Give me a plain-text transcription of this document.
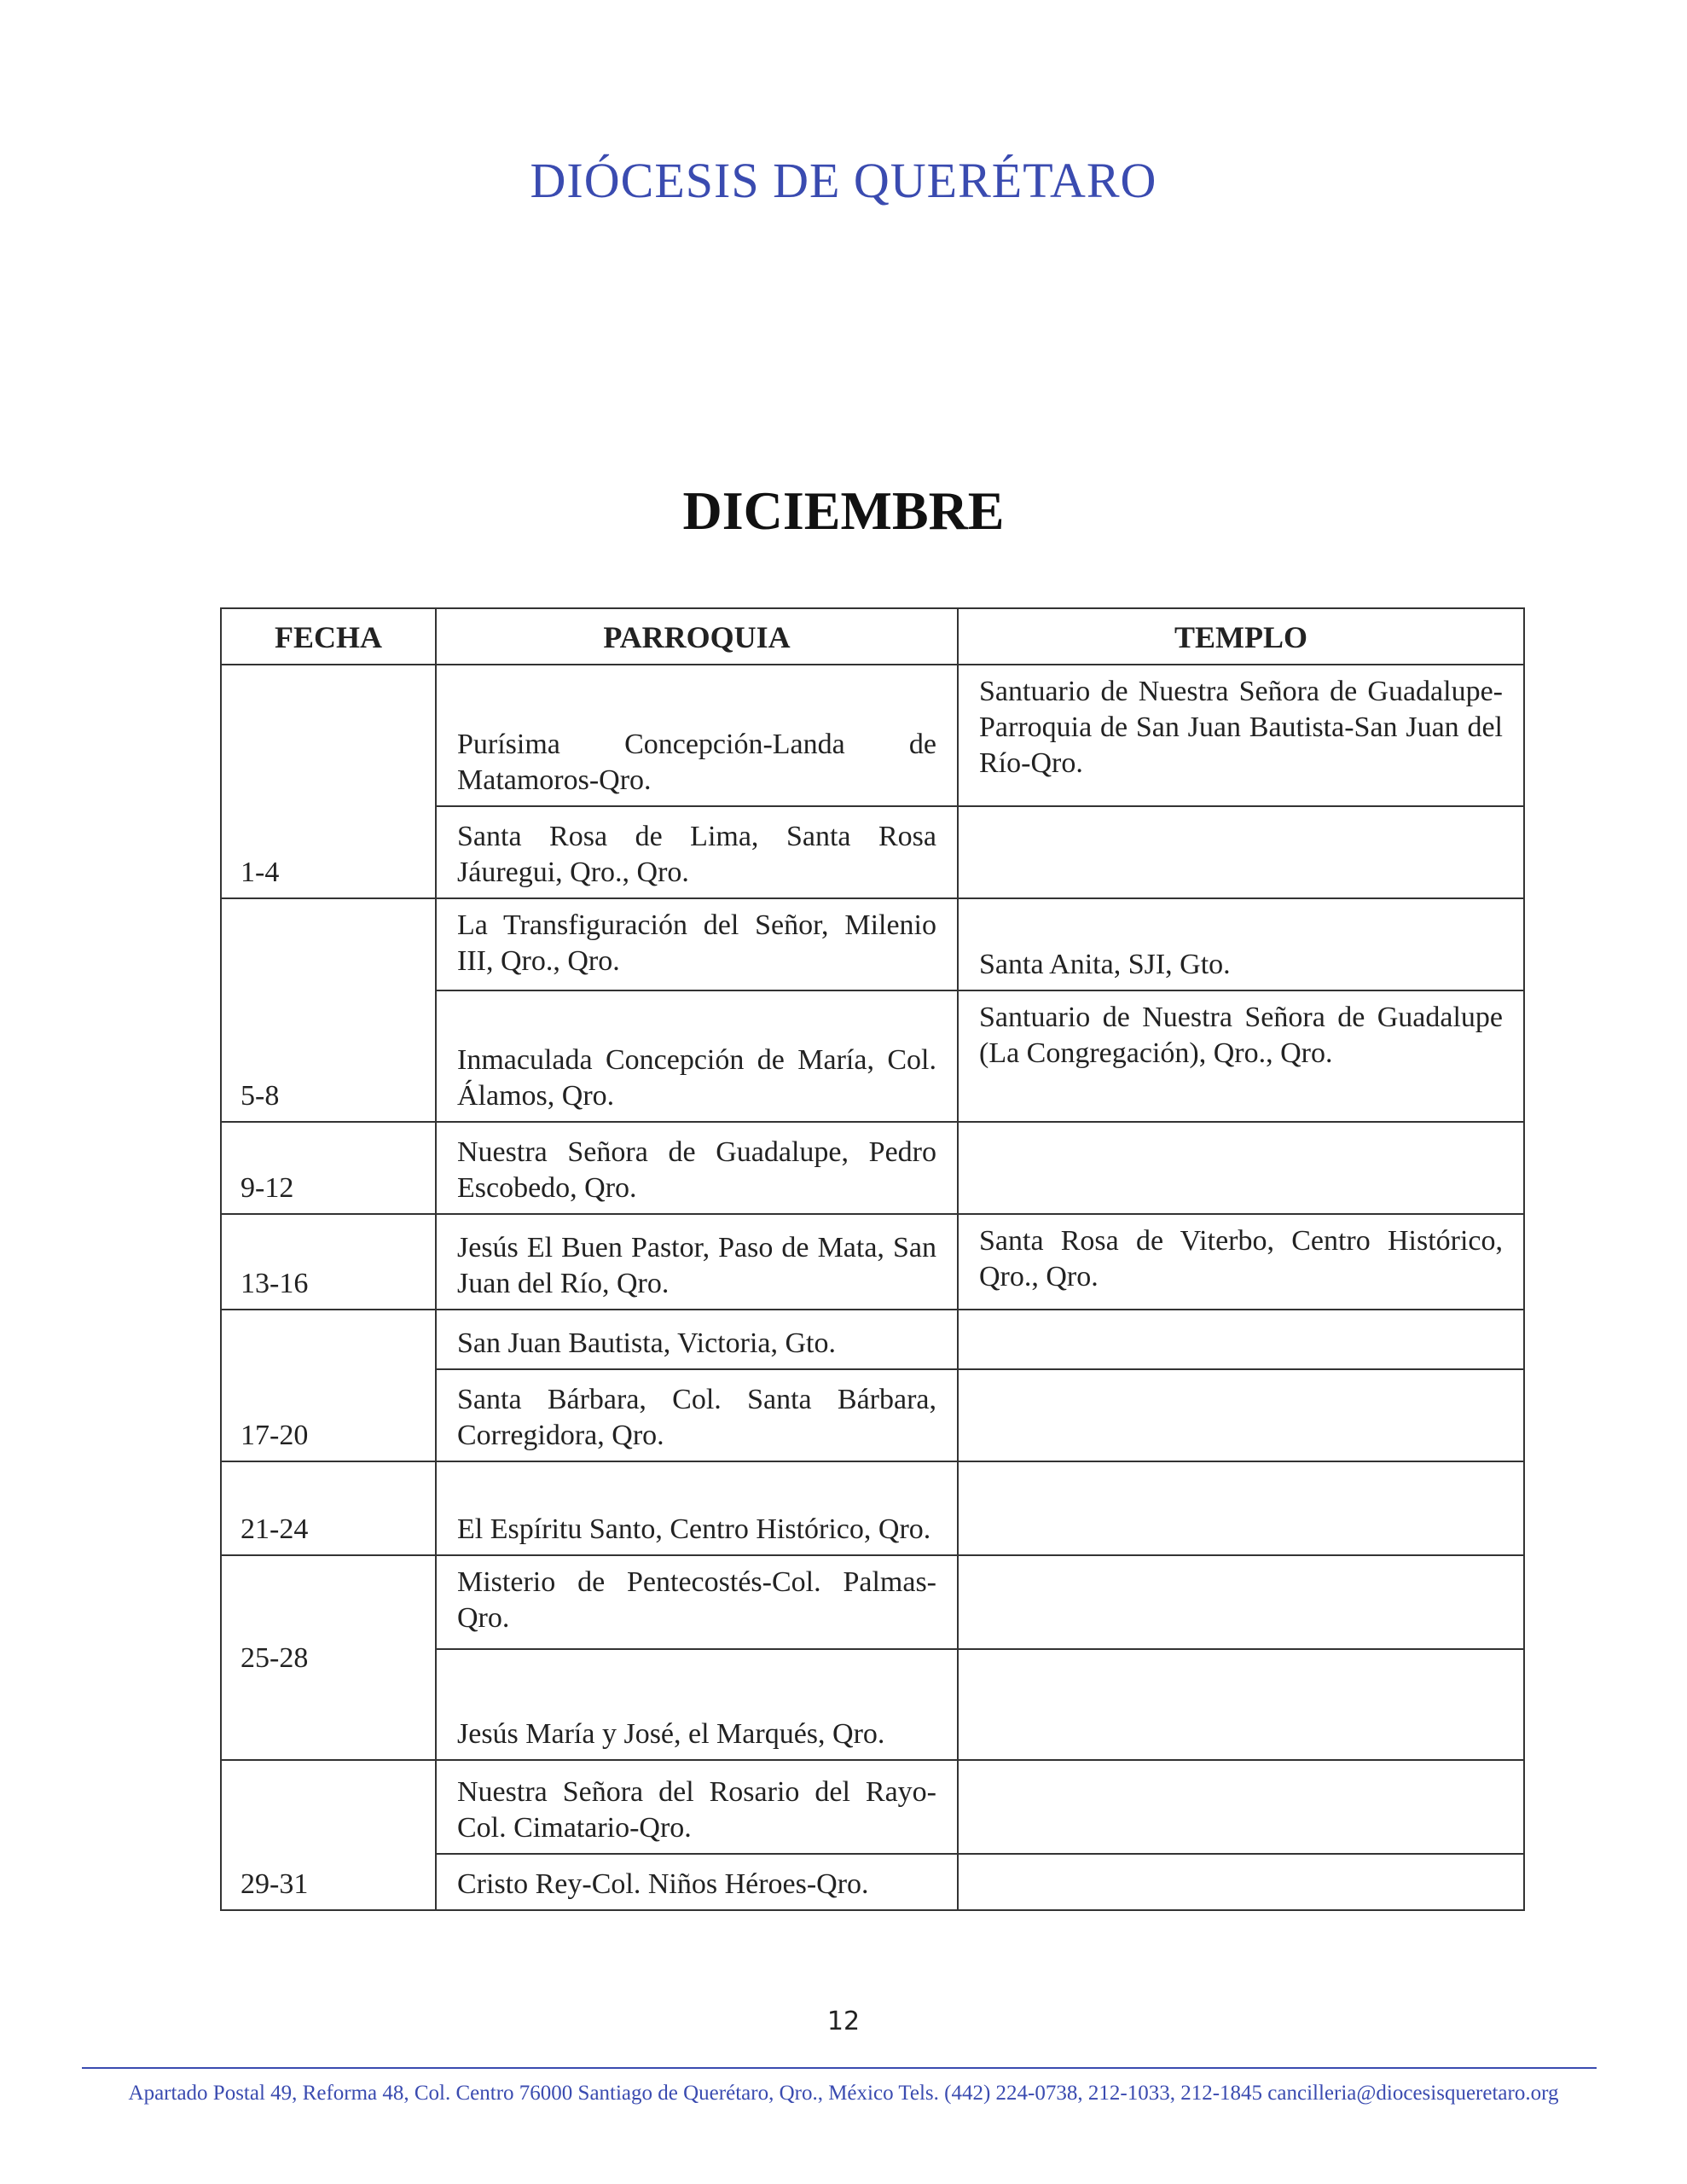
DIÓCESIS DE QUERÉTARO
DICIEMBRE
FECHA	PARROQUIA	TEMPLO
1-4	Purísima Concepción-Landa de Matamoros-Qro.	Santuario de Nuestra Señora de Guadalupe-Parroquia de San Juan Bautista-San Juan del Río-Qro.
	Santa Rosa de Lima, Santa Rosa Jáuregui, Qro., Qro.	
5-8	La Transfiguración del Señor, Milenio III, Qro., Qro.	Santa Anita, SJI, Gto.
	Inmaculada Concepción de María, Col. Álamos, Qro.	Santuario de Nuestra Señora de Guadalupe (La Congregación), Qro., Qro.
9-12	Nuestra Señora de Guadalupe, Pedro Escobedo, Qro.	
13-16	Jesús El Buen Pastor, Paso de Mata, San Juan del Río, Qro.	Santa Rosa de Viterbo, Centro Histórico, Qro., Qro.
17-20	San Juan Bautista, Victoria, Gto.	
	Santa Bárbara, Col. Santa Bárbara, Corregidora, Qro.	
21-24	El Espíritu Santo, Centro Histórico, Qro.	
25-28	Misterio de Pentecostés-Col. Palmas-Qro.	
	Jesús María y José, el Marqués, Qro.	
29-31	Nuestra Señora del Rosario del Rayo-Col. Cimatario-Qro.	
	Cristo Rey-Col. Niños Héroes-Qro.	
12
Apartado Postal 49, Reforma 48, Col. Centro 76000 Santiago de Querétaro, Qro., México Tels. (442) 224-0738, 212-1033, 212-1845 cancilleria@diocesisqueretaro.org
